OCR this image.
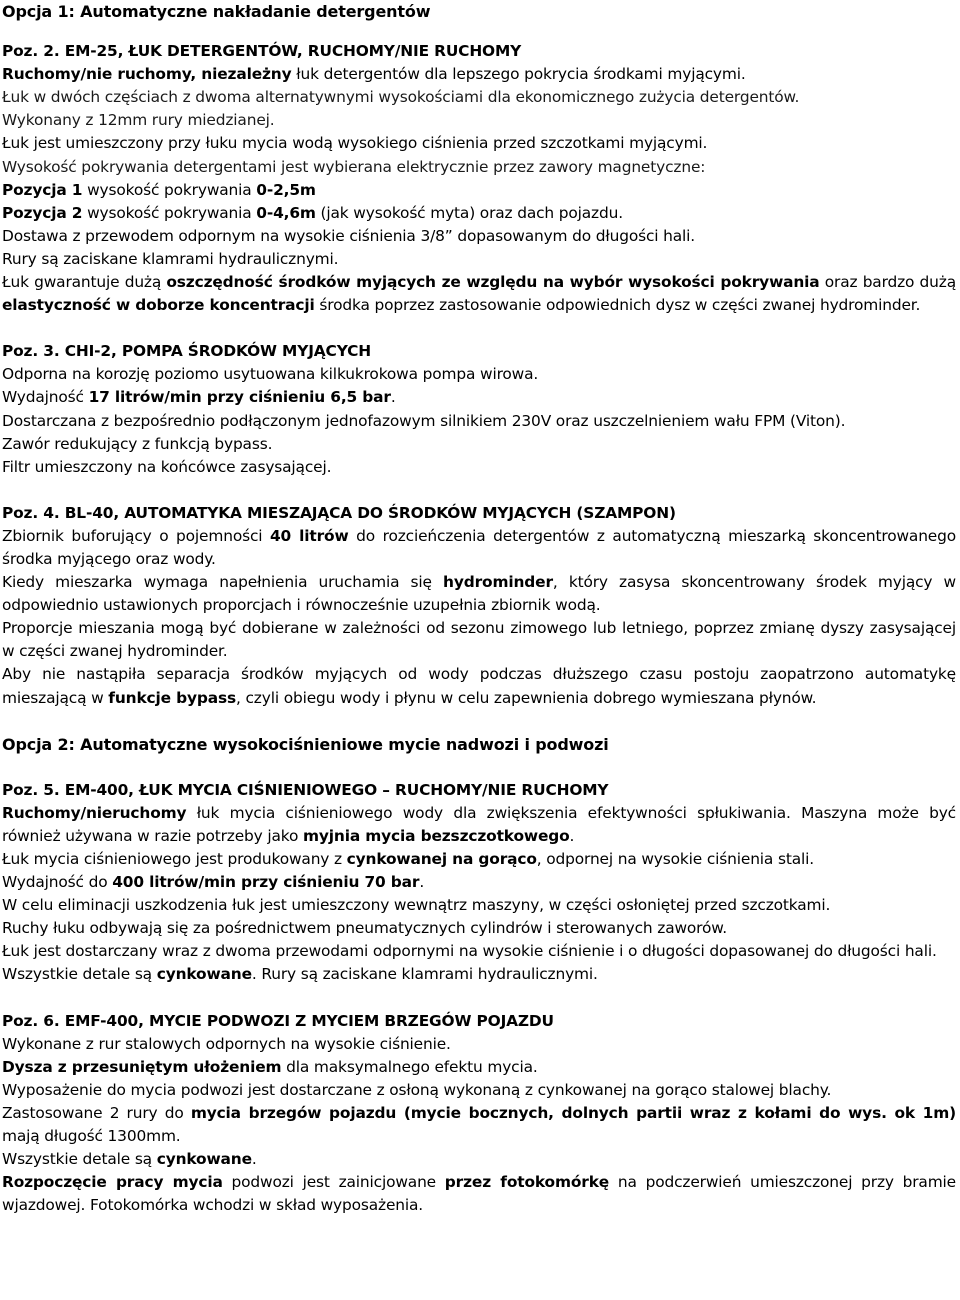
Opcja 1: Automatyczne nakładanie detergentów

Poz. 2. EM-25, ŁUK DETERGENTÓW, RUCHOMY/NIE RUCHOMY

Ruchomy/nie ruchomy, niezależny łuk detergentów dla lepszego pokrycia środkami myjącymi.

Łuk w dwóch częściach z dwoma alternatywnymi wysokościami dla ekonomicznego zużycia detergentów.

Wykonany z 12mm rury miedzianej.

Łuk jest umieszczony przy łuku mycia wodą wysokiego ciśnienia przed szczotkami myjącymi.

Wysokość pokrywania detergentami jest wybierana elektrycznie przez zawory magnetyczne:

Pozycja 1 wysokość pokrywania 0-2,5m

Pozycja 2 wysokość pokrywania 0-4,6m (jak wysokość myta) oraz dach pojazdu.

Dostawa z przewodem odpornym na wysokie ciśnienia 3/8” dopasowanym do długości hali.

Rury są zaciskane klamrami hydraulicznymi.

Łuk gwarantuje dużą oszczędność środków myjących ze względu na wybór wysokości pokrywania oraz bardzo dużą elastyczność w doborze koncentracji środka poprzez zastosowanie odpowiednich dysz w części zwanej hydrominder.

Poz. 3. CHI-2, POMPA ŚRODKÓW MYJĄCYCH

Odporna na korozję poziomo usytuowana kilkukrokowa pompa wirowa.

Wydajność 17 litrów/min przy ciśnieniu 6,5 bar.

Dostarczana z bezpośrednio podłączonym jednofazowym silnikiem 230V oraz uszczelnieniem wału FPM (Viton).

Zawór redukujący z funkcją bypass.

Filtr umieszczony na końcówce zasysającej.

Poz. 4. BL-40, AUTOMATYKA MIESZAJĄCA DO ŚRODKÓW MYJĄCYCH (SZAMPON)

Zbiornik buforujący o pojemności 40 litrów do rozcieńczenia detergentów z automatyczną mieszarką skoncentrowanego środka myjącego oraz wody.

Kiedy mieszarka wymaga napełnienia uruchamia się hydrominder, który zasysa skoncentrowany środek myjący w odpowiednio ustawionych proporcjach i równocześnie uzupełnia zbiornik wodą.

Proporcje mieszania mogą być dobierane w zależności od sezonu zimowego lub letniego, poprzez zmianę dyszy zasysającej w części zwanej hydrominder.

Aby nie nastąpiła separacja środków myjących od wody podczas dłuższego czasu postoju zaopatrzono automatykę mieszającą w funkcje bypass, czyli obiegu wody i płynu w celu zapewnienia dobrego wymieszana płynów.

Opcja 2: Automatyczne wysokociśnieniowe mycie nadwozi i podwozi

Poz. 5. EM-400, ŁUK MYCIA CIŚNIENIOWEGO – RUCHOMY/NIE RUCHOMY

Ruchomy/nieruchomy łuk mycia ciśnieniowego wody dla zwiększenia efektywności spłukiwania. Maszyna może być również używana w razie potrzeby jako myjnia mycia bezszczotkowego.

Łuk mycia ciśnieniowego jest produkowany z cynkowanej na gorąco, odpornej na wysokie ciśnienia stali.

Wydajność do 400 litrów/min przy ciśnieniu 70 bar.

W celu eliminacji uszkodzenia łuk jest umieszczony wewnątrz maszyny, w części osłoniętej przed szczotkami.

Ruchy łuku odbywają się za pośrednictwem pneumatycznych cylindrów i sterowanych zaworów.

Łuk jest dostarczany wraz z dwoma przewodami odpornymi na wysokie ciśnienie i o długości dopasowanej do długości hali.

Wszystkie detale są cynkowane. Rury są zaciskane klamrami hydraulicznymi.

Poz. 6. EMF-400, MYCIE PODWOZI Z MYCIEM BRZEGÓW POJAZDU

Wykonane z rur stalowych odpornych na wysokie ciśnienie.

Dysza z przesuniętym ułożeniem dla maksymalnego efektu mycia.

Wyposażenie do mycia podwozi jest dostarczane z osłoną wykonaną z cynkowanej na gorąco stalowej blachy.

Zastosowane 2 rury do mycia brzegów pojazdu (mycie bocznych, dolnych partii wraz z kołami do wys. ok 1m) mają długość 1300mm.

Wszystkie detale są cynkowane.

Rozpoczęcie pracy mycia podwozi jest zainicjowane przez fotokomórkę na podczerwień umieszczonej przy bramie wjazdowej. Fotokomórka wchodzi w skład wyposażenia.
